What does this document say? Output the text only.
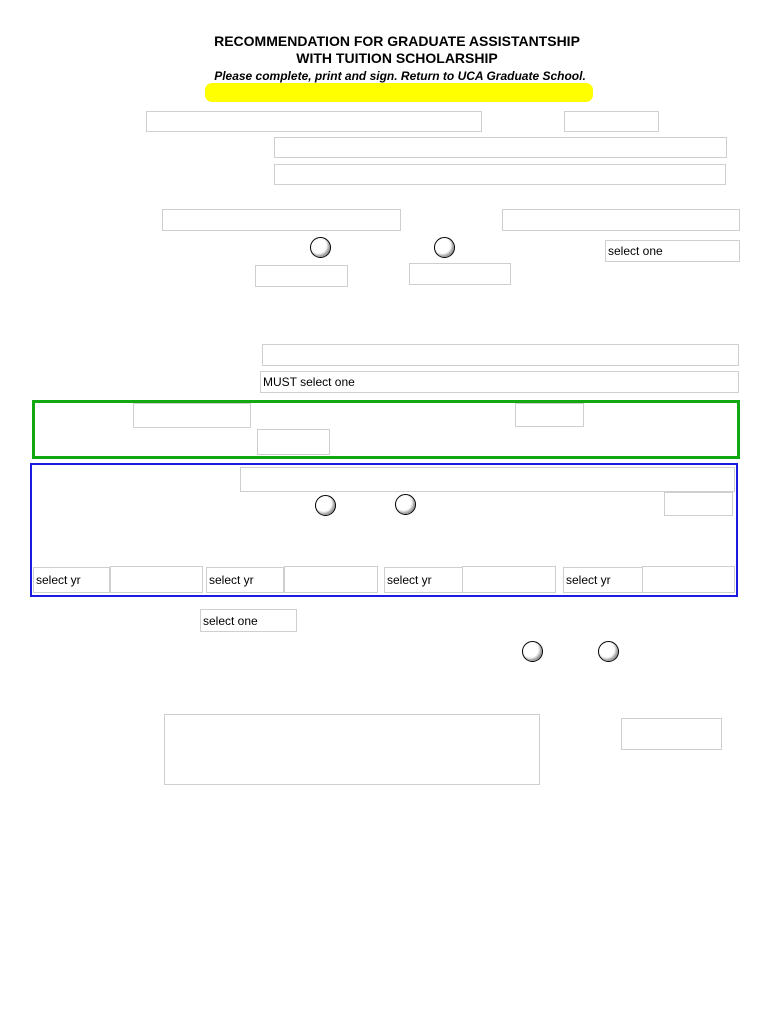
RECOMMENDATION FOR GRADUATE ASSISTANTSHIP
WITH TUITION SCHOLARSHIP
Please complete, print and sign. Return to UCA Graduate School.
select one
MUST select one
select yr	select yr	select yr	select yr
select one
